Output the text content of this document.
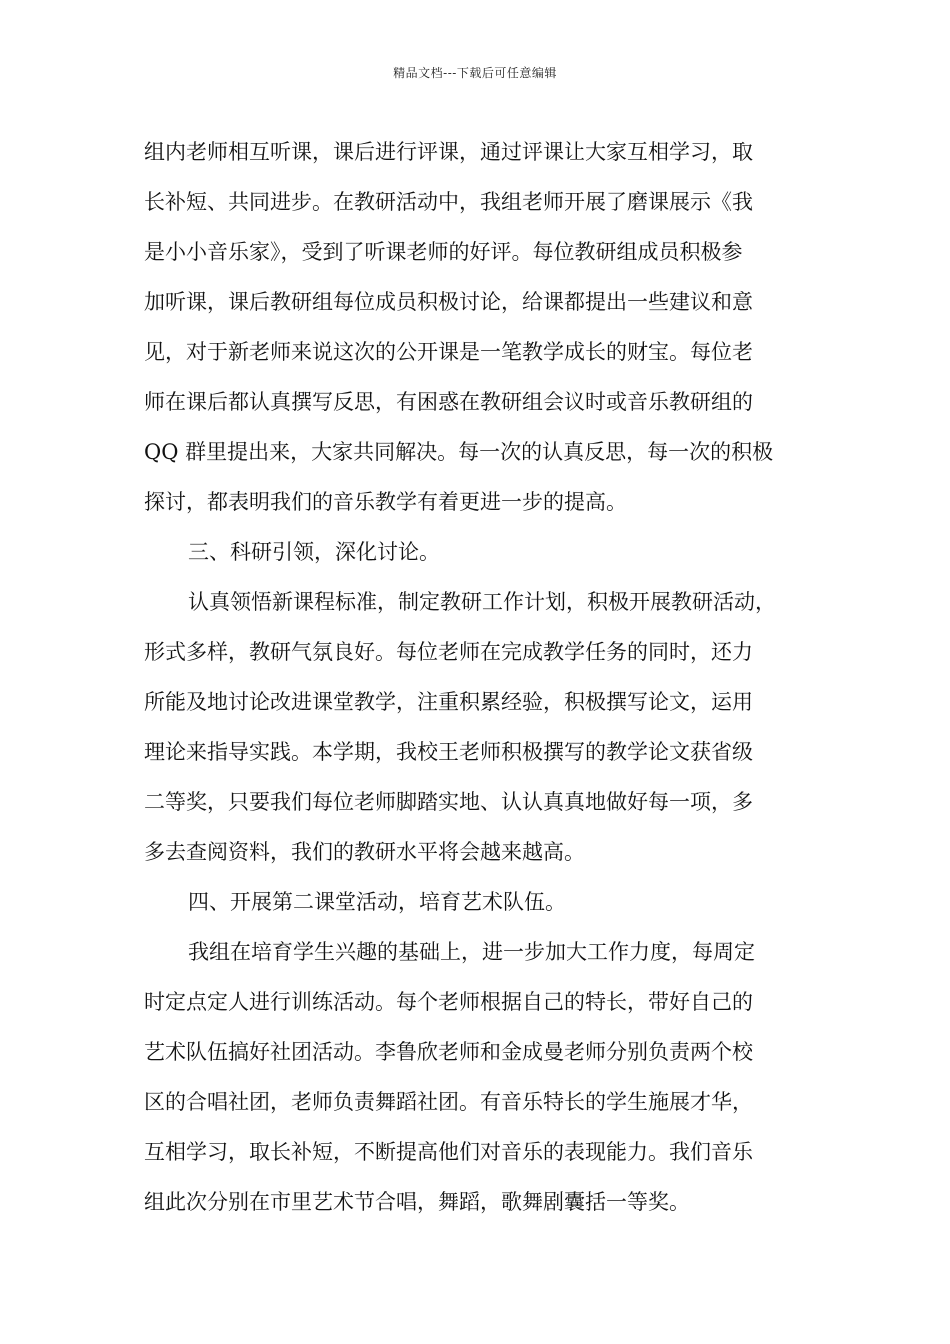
精品文档---下载后可任意编辑
组内老师相互听课，课后进行评课，通过评课让大家互相学习，取
长补短、共同进步。在教研活动中，我组老师开展了磨课展示《我
是小小音乐家》，受到了听课老师的好评。每位教研组成员积极参
加听课，课后教研组每位成员积极讨论，给课都提出一些建议和意
见，对于新老师来说这次的公开课是一笔教学成长的财宝。每位老
师在课后都认真撰写反思，有困惑在教研组会议时或音乐教研组的
QQ 群里提出来，大家共同解决。每一次的认真反思，每一次的积极
探讨，都表明我们的音乐教学有着更进一步的提高。
三、科研引领，深化讨论。
认真领悟新课程标准，制定教研工作计划，积极开展教研活动，
形式多样，教研气氛良好。每位老师在完成教学任务的同时，还力
所能及地讨论改进课堂教学，注重积累经验，积极撰写论文，运用
理论来指导实践。本学期，我校王老师积极撰写的教学论文获省级
二等奖，只要我们每位老师脚踏实地、认认真真地做好每一项，多
多去查阅资料，我们的教研水平将会越来越高。
四、开展第二课堂活动，培育艺术队伍。
我组在培育学生兴趣的基础上，进一步加大工作力度，每周定
时定点定人进行训练活动。每个老师根据自己的特长，带好自己的
艺术队伍搞好社团活动。李鲁欣老师和金成曼老师分别负责两个校
区的合唱社团，老师负责舞蹈社团。有音乐特长的学生施展才华，
互相学习，取长补短，不断提高他们对音乐的表现能力。我们音乐
组此次分别在市里艺术节合唱，舞蹈，歌舞剧囊括一等奖。
